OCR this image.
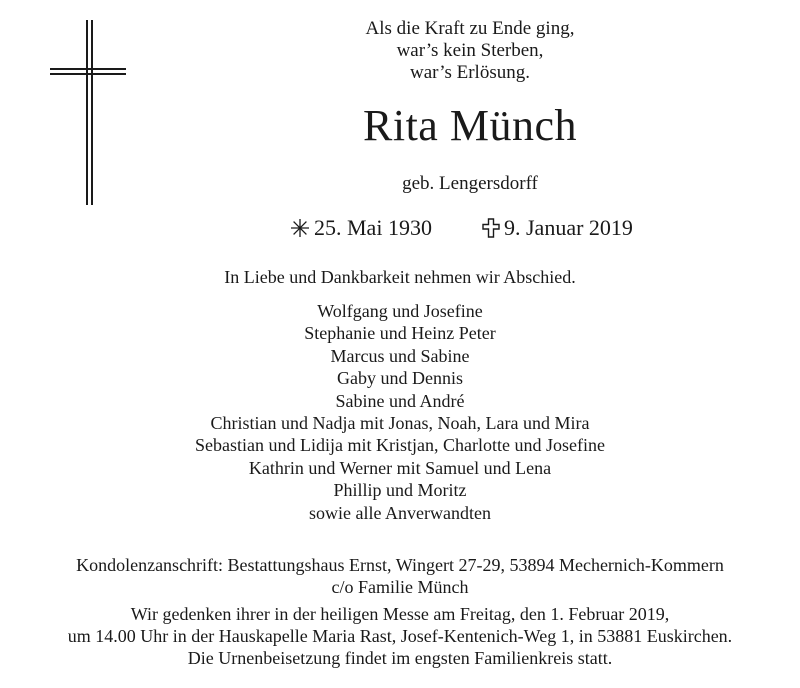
Als die Kraft zu Ende ging,
war’s kein Sterben,
war’s Erlösung.
Rita Münch
geb. Lengersdorff
25. Mai 1930	9. Januar 2019
In Liebe und Dankbarkeit nehmen wir Abschied.
Wolfgang und Josefine
Stephanie und Heinz Peter
Marcus und Sabine
Gaby und Dennis
Sabine und André
Christian und Nadja mit Jonas, Noah, Lara und Mira
Sebastian und Lidija mit Kristjan, Charlotte und Josefine
Kathrin und Werner mit Samuel und Lena
Phillip und Moritz
sowie alle Anverwandten
Kondolenzanschrift: Bestattungshaus Ernst, Wingert 27-29, 53894 Mechernich-Kommern
c/o Familie Münch
Wir gedenken ihrer in der heiligen Messe am Freitag, den 1. Februar 2019,
um 14.00 Uhr in der Hauskapelle Maria Rast, Josef-Kentenich-Weg 1, in 53881 Euskirchen.
Die Urnenbeisetzung findet im engsten Familienkreis statt.
